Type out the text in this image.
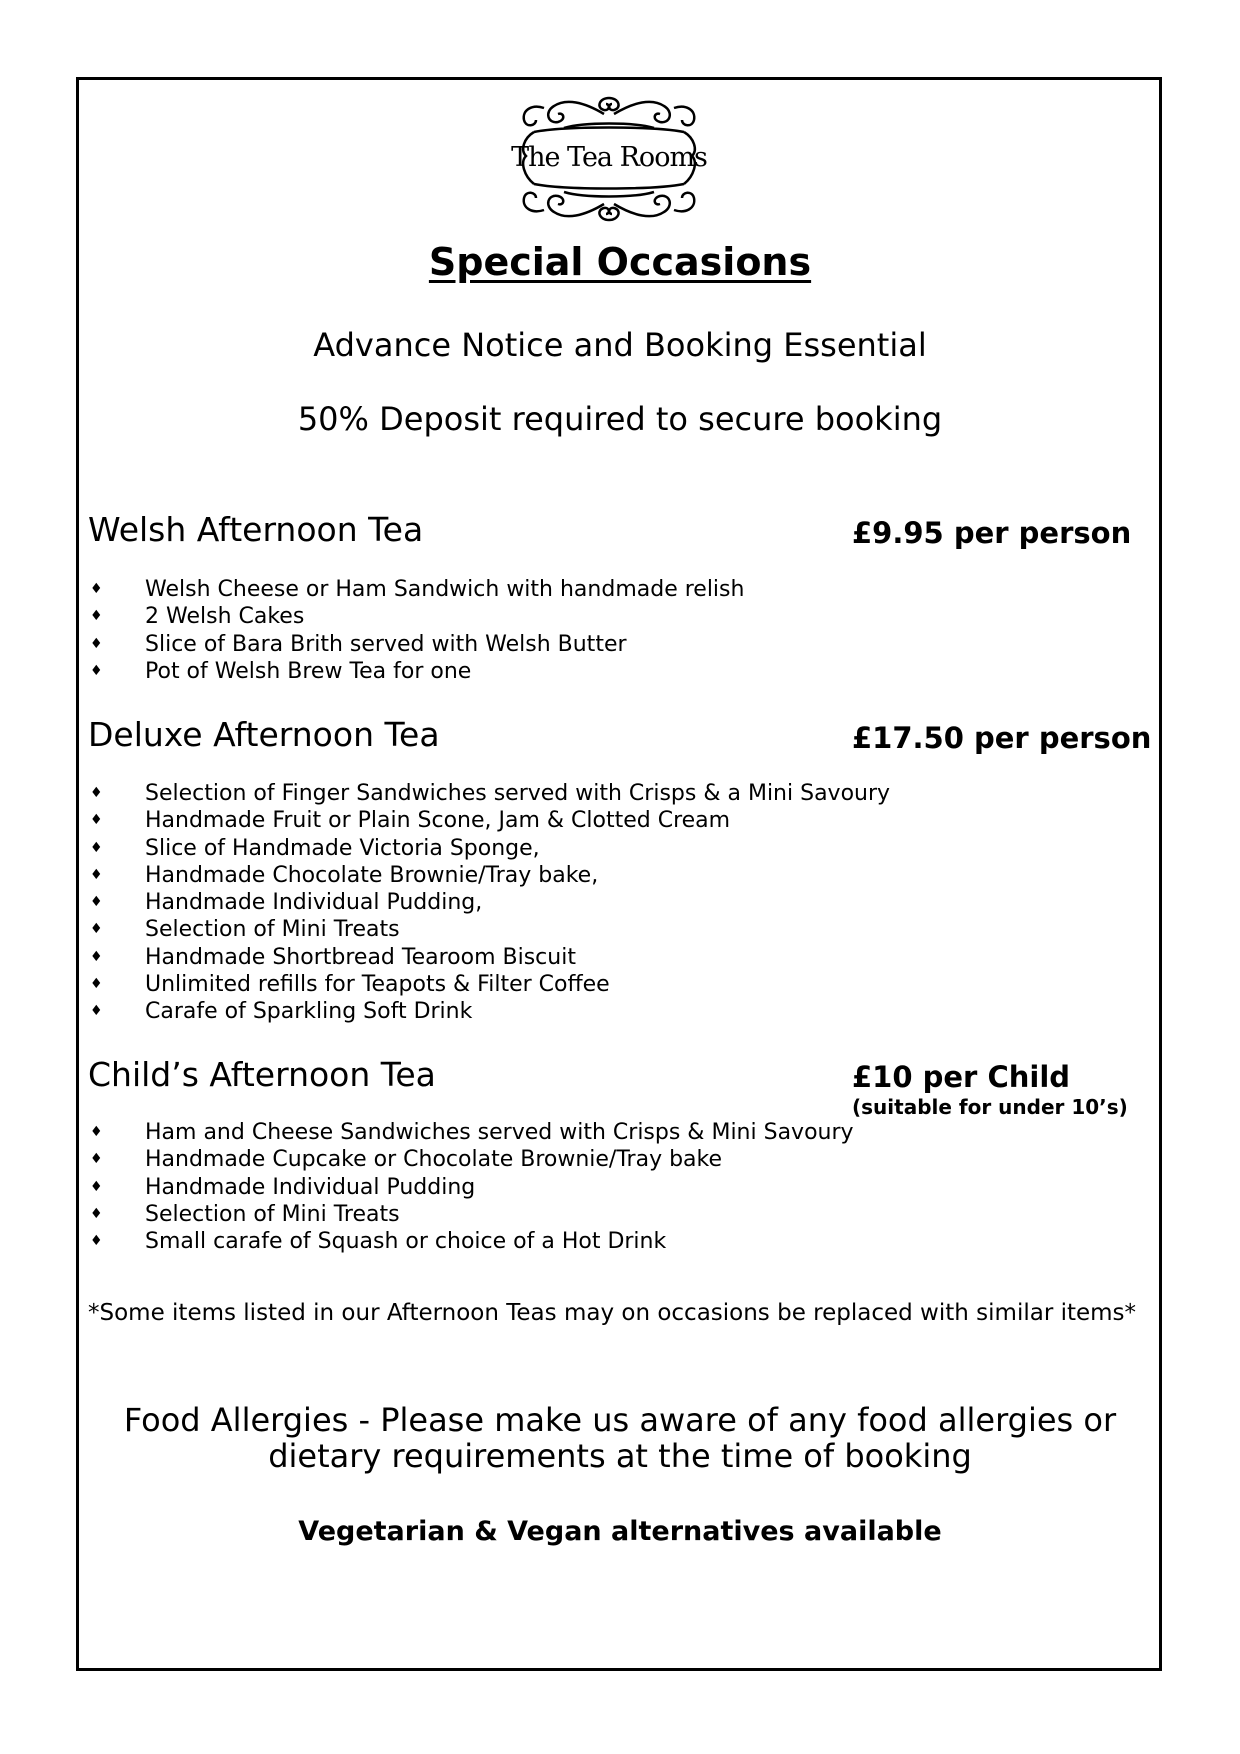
The Tea Rooms
Special Occasions
Advance Notice and Booking Essential
50% Deposit required to secure booking
Welsh Afternoon Tea	£9.95 per person
♦ Welsh Cheese or Ham Sandwich with handmade relish
♦ 2 Welsh Cakes
♦ Slice of Bara Brith served with Welsh Butter
♦ Pot of Welsh Brew Tea for one
Deluxe Afternoon Tea	£17.50 per person
♦ Selection of Finger Sandwiches served with Crisps & a Mini Savoury
♦ Handmade Fruit or Plain Scone, Jam & Clotted Cream
♦ Slice of Handmade Victoria Sponge,
♦ Handmade Chocolate Brownie/Tray bake,
♦ Handmade Individual Pudding,
♦ Selection of Mini Treats
♦ Handmade Shortbread Tearoom Biscuit
♦ Unlimited refills for Teapots & Filter Coffee
♦ Carafe of Sparkling Soft Drink
Child’s Afternoon Tea	£10 per Child
(suitable for under 10’s)
♦ Ham and Cheese Sandwiches served with Crisps & Mini Savoury
♦ Handmade Cupcake or Chocolate Brownie/Tray bake
♦ Handmade Individual Pudding
♦ Selection of Mini Treats
♦ Small carafe of Squash or choice of a Hot Drink
*Some items listed in our Afternoon Teas may on occasions be replaced with similar items*
Food Allergies - Please make us aware of any food allergies or
dietary requirements at the time of booking
Vegetarian & Vegan alternatives available
